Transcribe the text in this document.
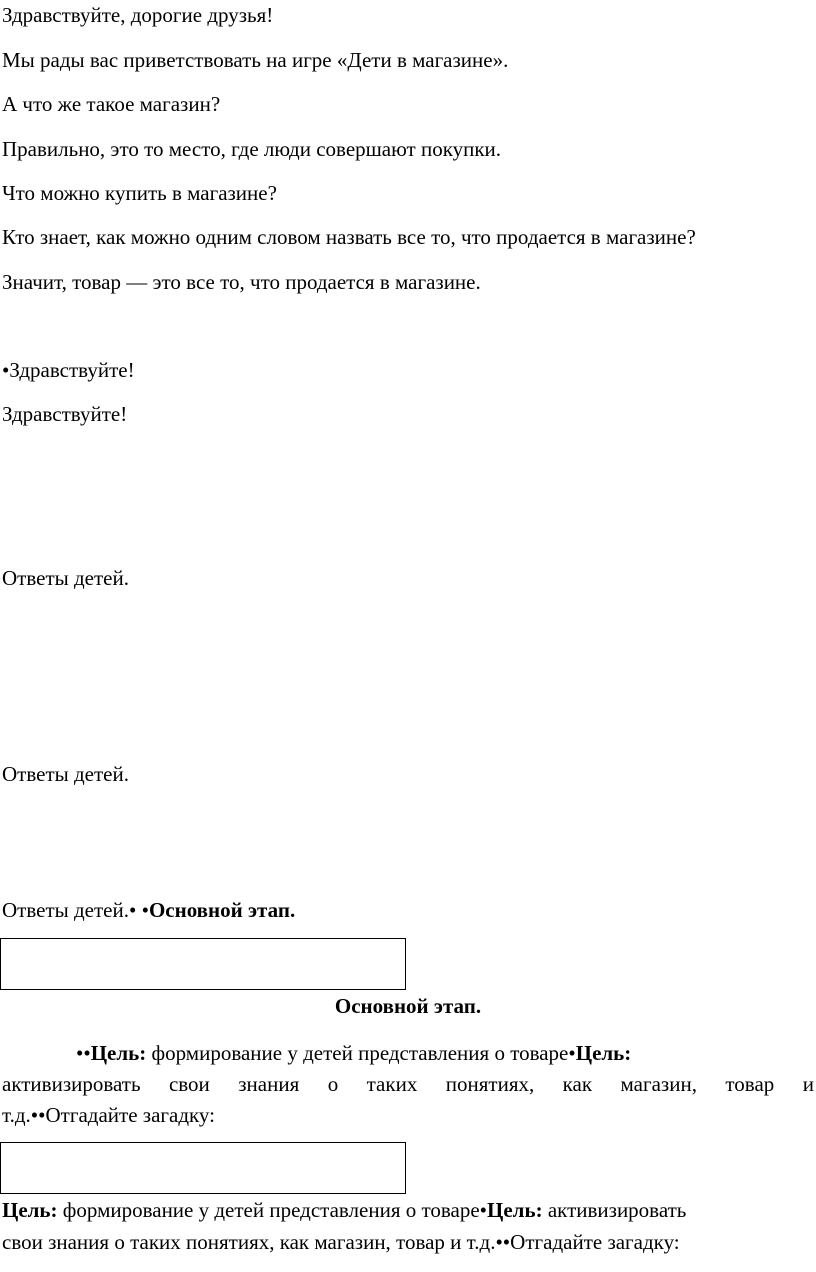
Здравствуйте, дорогие друзья!
Мы рады вас приветствовать на игре «Дети в магазине».
А что же такое магазин?
Правильно, это то место, где люди совершают покупки.
Что можно купить в магазине?
Кто знает, как можно одним словом назвать все то, что продается в магазине?
Значит, товар — это все то, что продается в магазине.
•Здравствуйте!
Здравствуйте!
Ответы детей.
Ответы детей.
Ответы детей.• •Основной этап.
Основной этап.
••Цель: формирование у детей представления о товаре•Цель:
активизировать свои знания о таких понятиях, как магазин, товар и
т.д.••Отгадайте загадку:
Цель: формирование у детей представления о товаре•Цель: активизировать
свои знания о таких понятиях, как магазин, товар и т.д.••Отгадайте загадку:
